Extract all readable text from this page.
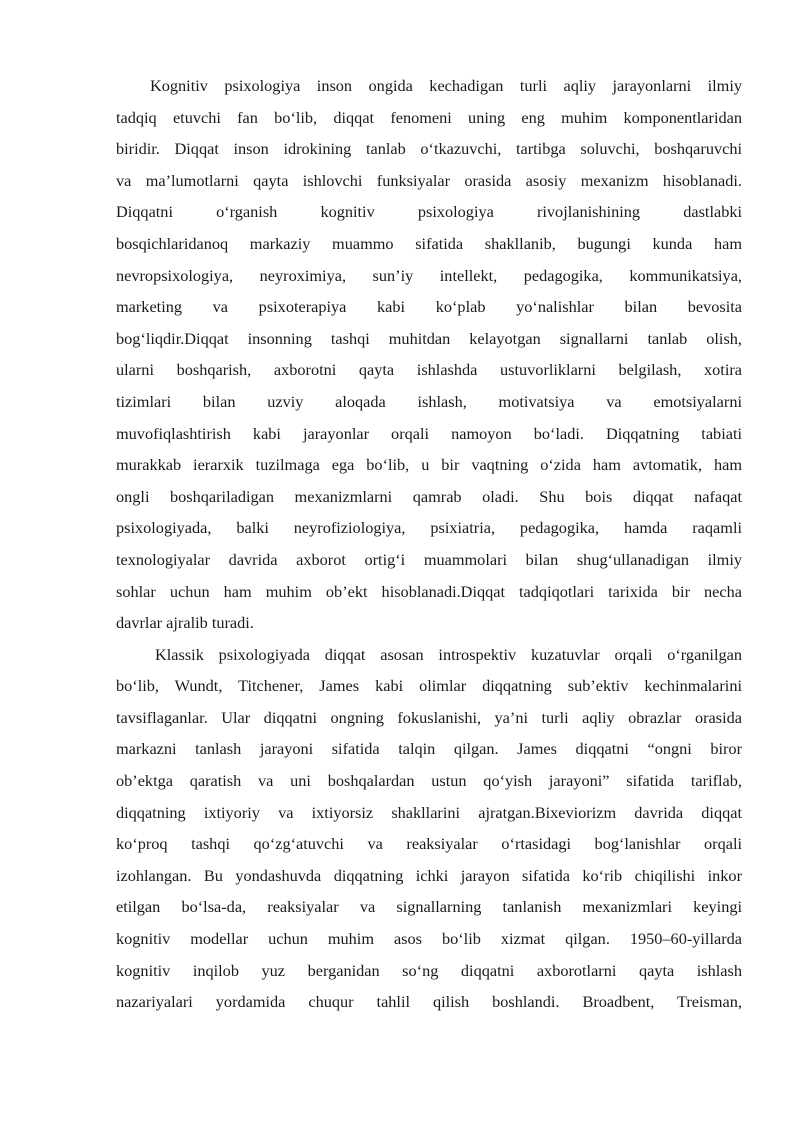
Kognitiv psixologiya inson ongida kechadigan turli aqliy jarayonlarni ilmiy
tadqiq etuvchi fan bo‘lib, diqqat fenomeni uning eng muhim komponentlaridan
biridir. Diqqat inson idrokining tanlab o‘tkazuvchi, tartibga soluvchi, boshqaruvchi
va ma’lumotlarni qayta ishlovchi funksiyalar orasida asosiy mexanizm hisoblanadi.
Diqqatni o‘rganish kognitiv psixologiya rivojlanishining dastlabki
bosqichlaridanoq markaziy muammo sifatida shakllanib, bugungi kunda ham
nevropsixologiya, neyroximiya, sun’iy intellekt, pedagogika, kommunikatsiya,
marketing va psixoterapiya kabi ko‘plab yo‘nalishlar bilan bevosita
bog‘liqdir.Diqqat insonning tashqi muhitdan kelayotgan signallarni tanlab olish,
ularni boshqarish, axborotni qayta ishlashda ustuvorliklarni belgilash, xotira
tizimlari bilan uzviy aloqada ishlash, motivatsiya va emotsiyalarni
muvofiqlashtirish kabi jarayonlar orqali namoyon bo‘ladi. Diqqatning tabiati
murakkab ierarxik tuzilmaga ega bo‘lib, u bir vaqtning o‘zida ham avtomatik, ham
ongli boshqariladigan mexanizmlarni qamrab oladi. Shu bois diqqat nafaqat
psixologiyada, balki neyrofiziologiya, psixiatria, pedagogika, hamda raqamli
texnologiyalar davrida axborot ortig‘i muammolari bilan shug‘ullanadigan ilmiy
sohlar uchun ham muhim ob’ekt hisoblanadi.Diqqat tadqiqotlari tarixida bir necha
davrlar ajralib turadi.
Klassik psixologiyada diqqat asosan introspektiv kuzatuvlar orqali o‘rganilgan
bo‘lib, Wundt, Titchener, James kabi olimlar diqqatning sub’ektiv kechinmalarini
tavsiflaganlar. Ular diqqatni ongning fokuslanishi, ya’ni turli aqliy obrazlar orasida
markazni tanlash jarayoni sifatida talqin qilgan. James diqqatni “ongni biror
ob’ektga qaratish va uni boshqalardan ustun qo‘yish jarayoni” sifatida tariflab,
diqqatning ixtiyoriy va ixtiyorsiz shakllarini ajratgan.Bixeviorizm davrida diqqat
ko‘proq tashqi qo‘zg‘atuvchi va reaksiyalar o‘rtasidagi bog‘lanishlar orqali
izohlangan. Bu yondashuvda diqqatning ichki jarayon sifatida ko‘rib chiqilishi inkor
etilgan bo‘lsa-da, reaksiyalar va signallarning tanlanish mexanizmlari keyingi
kognitiv modellar uchun muhim asos bo‘lib xizmat qilgan. 1950–60-yillarda
kognitiv inqilob yuz berganidan so‘ng diqqatni axborotlarni qayta ishlash
nazariyalari yordamida chuqur tahlil qilish boshlandi. Broadbent, Treisman,
